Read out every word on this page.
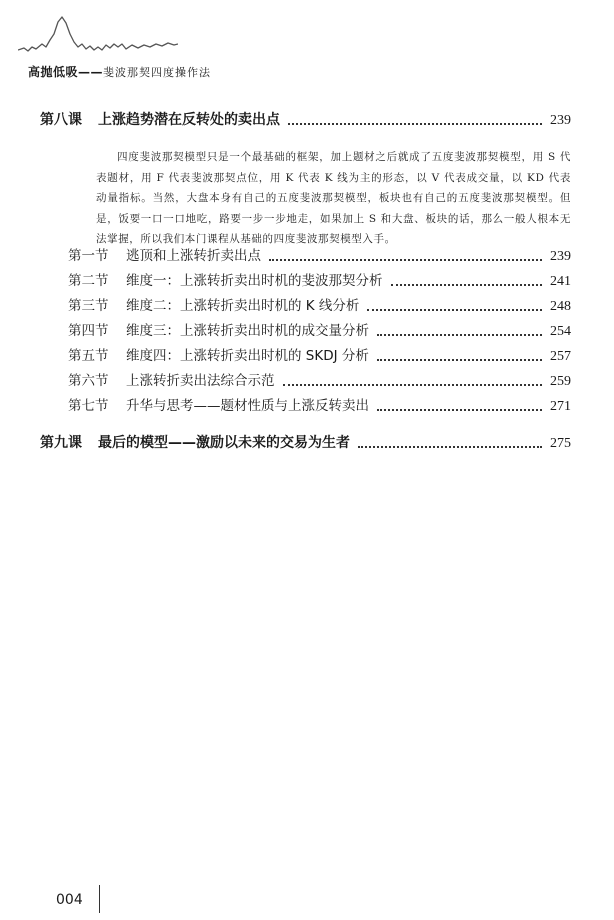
高抛低吸——斐波那契四度操作法
第八课	上涨趋势潜在反转处的卖出点	239
四度斐波那契模型只是一个最基础的框架，加上题材之后就成了五度斐波那契模型，用 S 代表题材，用 F 代表斐波那契点位，用 K 代表 K 线为主的形态，以 V 代表成交量，以 KD 代表动量指标。当然，大盘本身有自己的五度斐波那契模型，板块也有自己的五度斐波那契模型。但是，饭要一口一口地吃，路要一步一步地走，如果加上 S 和大盘、板块的话，那么一般人根本无法掌握，所以我们本门课程从基础的四度斐波那契模型入手。
第一节	逃顶和上涨转折卖出点	239
第二节	维度一：上涨转折卖出时机的斐波那契分析	241
第三节	维度二：上涨转折卖出时机的 K 线分析	248
第四节	维度三：上涨转折卖出时机的成交量分析	254
第五节	维度四：上涨转折卖出时机的 SKDJ 分析	257
第六节	上涨转折卖出法综合示范	259
第七节	升华与思考——题材性质与上涨反转卖出	271
第九课	最后的模型——激励以未来的交易为生者	275
004
